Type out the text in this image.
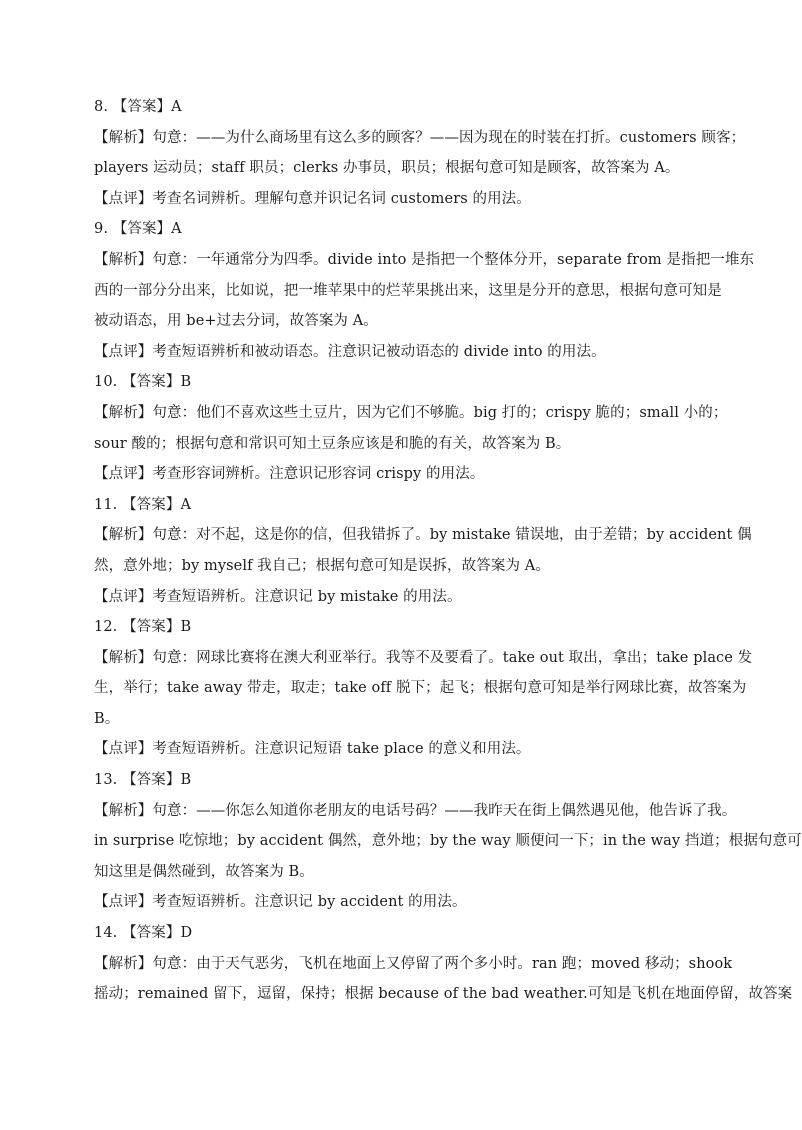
8. 【答案】A
【解析】句意：——为什么商场里有这么多的顾客？——因为现在的时装在打折。customers 顾客；
players 运动员；staff 职员；clerks 办事员，职员；根据句意可知是顾客，故答案为 A。
【点评】考查名词辨析。理解句意并识记名词 customers 的用法。
9. 【答案】A
【解析】句意：一年通常分为四季。divide into 是指把一个整体分开，separate from 是指把一堆东
西的一部分分出来，比如说，把一堆苹果中的烂苹果挑出来，这里是分开的意思，根据句意可知是
被动语态，用 be+过去分词，故答案为 A。
【点评】考查短语辨析和被动语态。注意识记被动语态的 divide into 的用法。
10. 【答案】B
【解析】句意：他们不喜欢这些土豆片，因为它们不够脆。big 打的；crispy 脆的；small 小的；
sour 酸的；根据句意和常识可知土豆条应该是和脆的有关，故答案为 B。
【点评】考查形容词辨析。注意识记形容词 crispy 的用法。
11. 【答案】A
【解析】句意：对不起，这是你的信，但我错拆了。by mistake 错误地，由于差错；by accident 偶
然，意外地；by myself 我自己；根据句意可知是误拆，故答案为 A。
【点评】考查短语辨析。注意识记 by mistake 的用法。
12. 【答案】B
【解析】句意：网球比赛将在澳大利亚举行。我等不及要看了。take out 取出，拿出；take place 发
生，举行；take away 带走，取走；take off 脱下；起飞；根据句意可知是举行网球比赛，故答案为
B。
【点评】考查短语辨析。注意识记短语 take place 的意义和用法。
13. 【答案】B
【解析】句意：——你怎么知道你老朋友的电话号码？——我昨天在街上偶然遇见他，他告诉了我。
in surprise 吃惊地；by accident 偶然，意外地；by the way 顺便问一下；in the way 挡道；根据句意可
知这里是偶然碰到，故答案为 B。
【点评】考查短语辨析。注意识记 by accident 的用法。
14. 【答案】D
【解析】句意：由于天气恶劣，飞机在地面上又停留了两个多小时。ran 跑；moved 移动；shook
摇动；remained 留下，逗留，保持；根据 because of the bad weather.可知是飞机在地面停留，故答案
